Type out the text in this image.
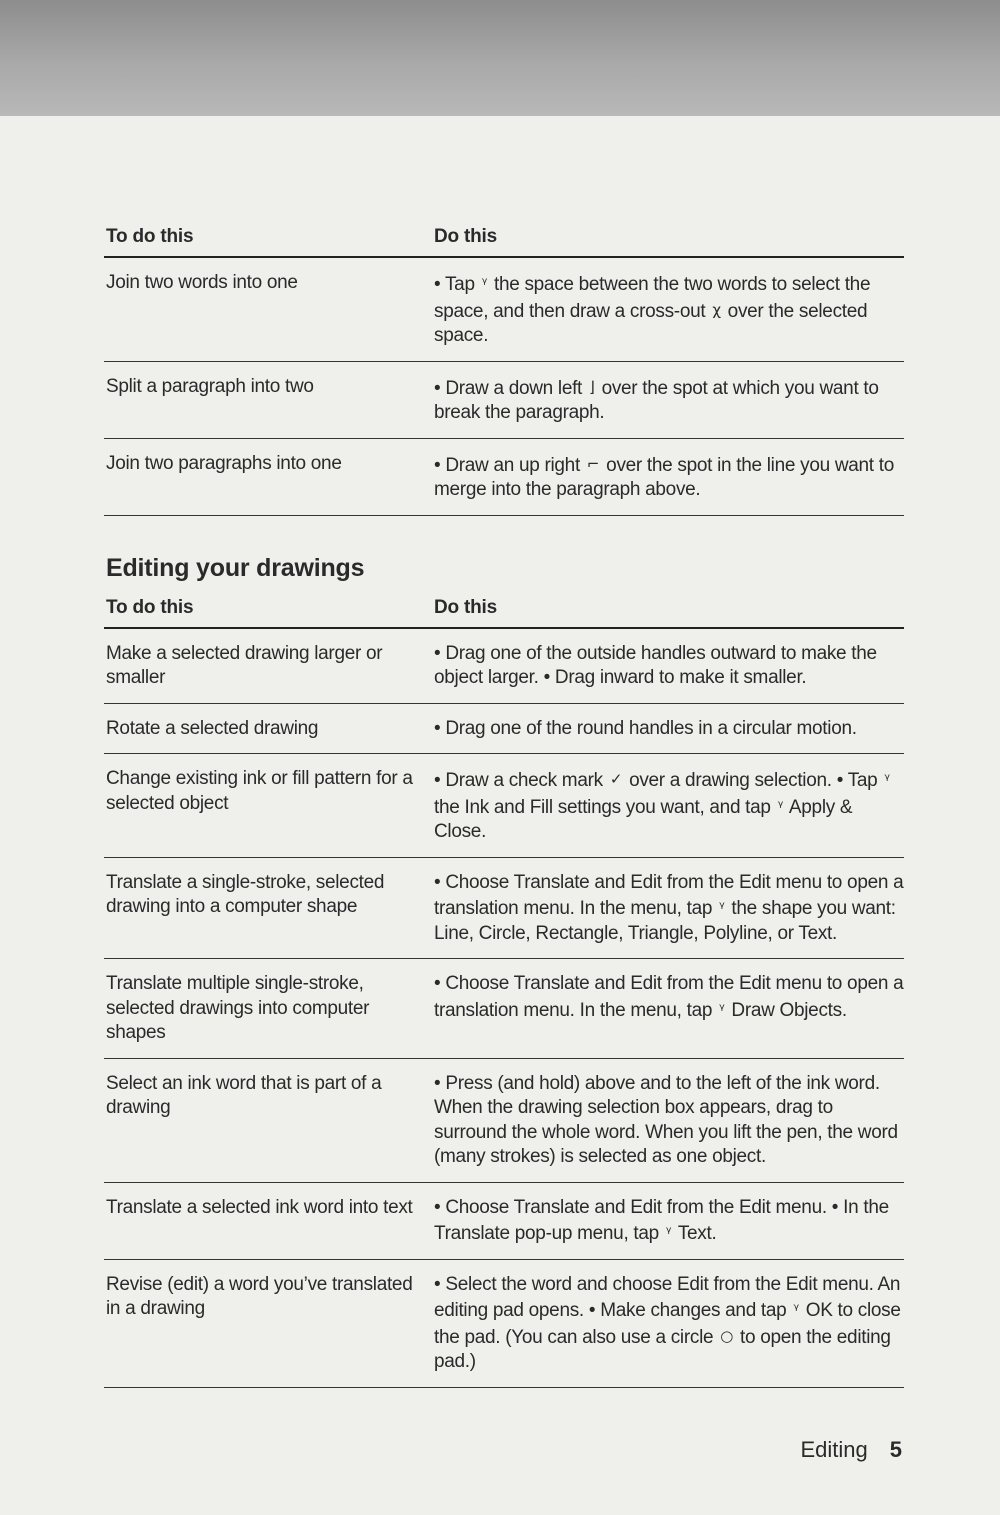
To do this	Do this
Join two words into one	• Tap ᵞ the space between the two words to select the space, and then draw a cross-out χ over the selected space.
Split a paragraph into two	• Draw a down left ⌋ over the spot at which you want to break the paragraph.
Join two paragraphs into one	• Draw an up right ⌐ over the spot in the line you want to merge into the paragraph above.
Editing your drawings
To do this	Do this
Make a selected drawing larger or smaller	• Drag one of the outside handles outward to make the object larger. • Drag inward to make it smaller.
Rotate a selected drawing	• Drag one of the round handles in a circular motion.
Change existing ink or fill pattern for a selected object	• Draw a check mark ✓ over a drawing selection. • Tap ᵞ the Ink and Fill settings you want, and tap ᵞ Apply & Close.
Translate a single-stroke, selected drawing into a computer shape	• Choose Translate and Edit from the Edit menu to open a translation menu. In the menu, tap ᵞ the shape you want: Line, Circle, Rectangle, Triangle, Polyline, or Text.
Translate multiple single-stroke, selected drawings into computer shapes	• Choose Translate and Edit from the Edit menu to open a translation menu. In the menu, tap ᵞ Draw Objects.
Select an ink word that is part of a drawing	• Press (and hold) above and to the left of the ink word. When the drawing selection box appears, drag to surround the whole word. When you lift the pen, the word (many strokes) is selected as one object.
Translate a selected ink word into text	• Choose Translate and Edit from the Edit menu. • In the Translate pop-up menu, tap ᵞ Text.
Revise (edit) a word you’ve translated in a drawing	• Select the word and choose Edit from the Edit menu. An editing pad opens. • Make changes and tap ᵞ OK to close the pad. (You can also use a circle ○ to open the editing pad.)
Editing 5
